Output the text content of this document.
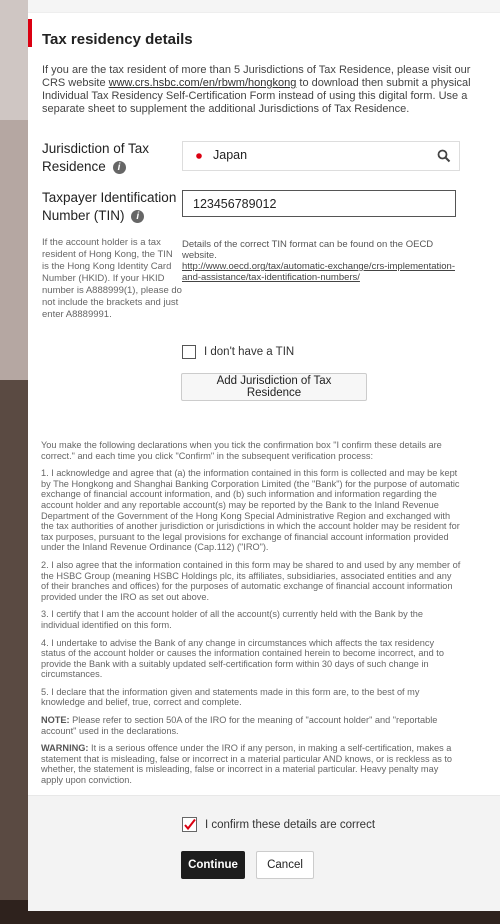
Tax residency details
If you are the tax resident of more than 5 Jurisdictions of Tax Residence, please visit our CRS website www.crs.hsbc.com/en/rbwm/hongkong to download then submit a physical Individual Tax Residency Self-Certification Form instead of using this digital form. Use a separate sheet to supplement the additional Jurisdictions of Tax Residence.
Jurisdiction of Tax Residence i
Japan
Taxpayer Identification Number (TIN) i
123456789012
If the account holder is a tax resident of Hong Kong, the TIN is the Hong Kong Identity Card Number (HKID). If your HKID number is A888999(1), please do not include the brackets and just enter A8889991.
Details of the correct TIN format can be found on the OECD website.
http://www.oecd.org/tax/automatic-exchange/crs-implementation-and-assistance/tax-identification-numbers/
I don't have a TIN
Add Jurisdiction of Tax Residence

You make the following declarations when you tick the confirmation box "I confirm these details are correct." and each time you click "Confirm" in the subsequent verification process:

1. I acknowledge and agree that (a) the information contained in this form is collected and may be kept by The Hongkong and Shanghai Banking Corporation Limited (the "Bank") for the purpose of automatic exchange of financial account information, and (b) such information and information regarding the account holder and any reportable account(s) may be reported by the Bank to the Inland Revenue Department of the Government of the Hong Kong Special Administrative Region and exchanged with the tax authorities of another jurisdiction or jurisdictions in which the account holder may be resident for tax purposes, pursuant to the legal provisions for exchange of financial account information provided under the Inland Revenue Ordinance (Cap.112) ("IRO").

2. I also agree that the information contained in this form may be shared to and used by any member of the HSBC Group (meaning HSBC Holdings plc, its affiliates, subsidiaries, associated entities and any of their branches and offices) for the purposes of automatic exchange of financial account information provided under the IRO as set out above.

3. I certify that I am the account holder of all the account(s) currently held with the Bank by the individual identified on this form.

4. I undertake to advise the Bank of any change in circumstances which affects the tax residency status of the account holder or causes the information contained herein to become incorrect, and to provide the Bank with a suitably updated self-certification form within 30 days of such change in circumstances.

5. I declare that the information given and statements made in this form are, to the best of my knowledge and belief, true, correct and complete.

NOTE: Please refer to section 50A of the IRO for the meaning of "account holder" and "reportable account" used in the declarations.

WARNING: It is a serious offence under the IRO if any person, in making a self-certification, makes a statement that is misleading, false or incorrect in a material particular AND knows, or is reckless as to whether, the statement is misleading, false or incorrect in a material particular. Heavy penalty may apply upon conviction.

I confirm these details are correct
Continue	Cancel
